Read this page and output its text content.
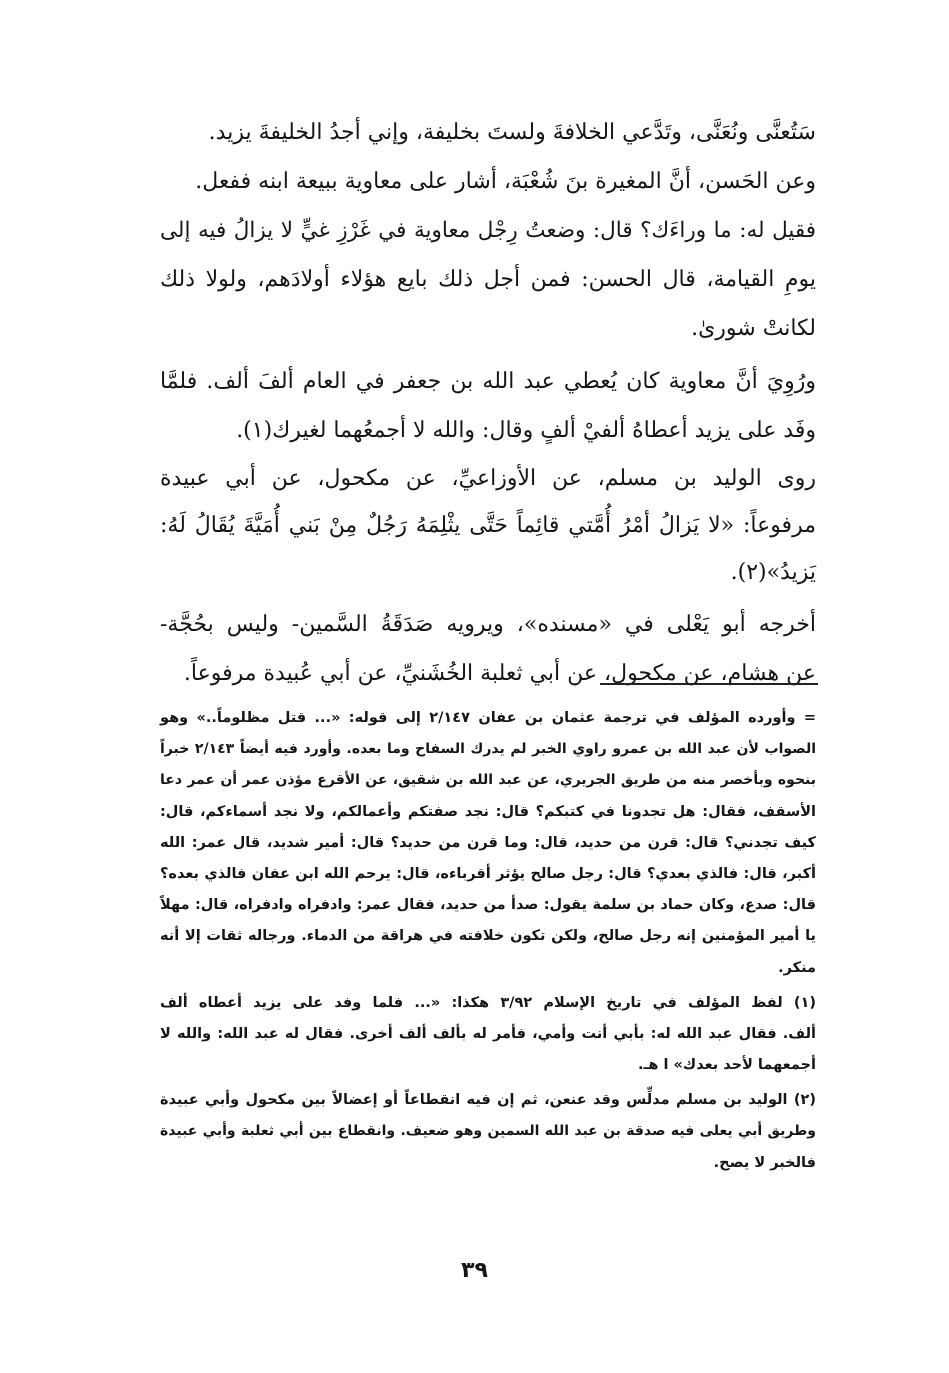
سَتُعنَّى ونُعَنَّى، وتَدَّعي الخلافةَ ولستَ بخليفة، وإني أجدُ الخليفةَ يزيد.
وعن الحَسن، أنَّ المغيرة بنَ شُعْبَة، أشار على معاوية ببيعة ابنه ففعل.
فقيل له: ما وراءَك؟ قال: وضعتُ رِجْل معاوية في غَرْزِ غيٍّ لا يزالُ فيه إلى
يومِ القيامة، قال الحسن: فمن أجل ذلك بايع هؤلاء أولادَهم، ولولا ذلك
لكانتْ شورىٰ.
ورُوِيَ أنَّ معاوية كان يُعطي عبد الله بن جعفر في العام ألفَ ألف. فلمَّا
وفَد على يزيد أعطاهُ ألفيْ ألفٍ وقال: والله لا أجمعُهما لغيرك(١).
روى الوليد بن مسلم، عن الأوزاعيِّ، عن مكحول، عن أبي عبيدة
مرفوعاً: «لا يَزالُ أمْرُ أُمَّتي قائِماً حَتَّى يثْلِمَهُ رَجُلٌ مِنْ بَني أُمَيَّةَ يُقَالُ لَهُ:
يَزيدُ»(٢).
أخرجه أبو يَعْلى في «مسنده»، ويرويه صَدَقَةُ السَّمين- وليس بحُجَّة-
عن هشام، عن مكحول، عن أبي ثعلبة الخُشَنيِّ، عن أبي عُبيدة مرفوعاً.
= وأورده المؤلف في ترجمة عثمان بن عفان ٢/١٤٧ إلى قوله: «... قتل مظلوماً..» وهو
الصواب لأن عبد الله بن عمرو راوي الخبر لم يدرك السفاح وما بعده. وأورد فيه أيضاً ٢/١٤٣ خبراً
بنحوه وبأخصر منه من طريق الجريري، عن عبد الله بن شقيق، عن الأقرع مؤذن عمر أن عمر دعا
الأسقف، فقال: هل تجدونا في كتبكم؟ قال: نجد صفتكم وأعمالكم، ولا نجد أسماءكم، قال:
كيف تجدني؟ قال: قرن من حديد، قال: وما قرن من حديد؟ قال: أمير شديد، قال عمر: الله
أكبر، قال: فالذي بعدي؟ قال: رجل صالح يؤثر أقرباءه، قال: يرحم الله ابن عفان فالذي بعده؟
قال: صدع، وكان حماد بن سلمة يقول: صدأ من حديد، فقال عمر: وادفراه وادفراه، قال: مهلاً
يا أمير المؤمنين إنه رجل صالح، ولكن تكون خلافته في هراقة من الدماء. ورجاله ثقات إلا أنه
منكر.
(١) لفظ المؤلف في تاريخ الإسلام ٣/٩٢ هكذا: «... فلما وفد على يزيد أعطاه ألف
ألف. فقال عبد الله له: بأبي أنت وأمي، فأمر له بألف ألف أخرى. فقال له عبد الله: والله لا
أجمعهما لأحد بعدك» ا هـ.
(٢) الوليد بن مسلم مدلِّس وقد عنعن، ثم إن فيه انقطاعاً أو إعضالاً بين مكحول وأبي عبيدة
وطريق أبي يعلى فيه صدقة بن عبد الله السمين وهو ضعيف. وانقطاع بين أبي ثعلبة وأبي عبيدة
فالخبر لا يصح.
٣٩
